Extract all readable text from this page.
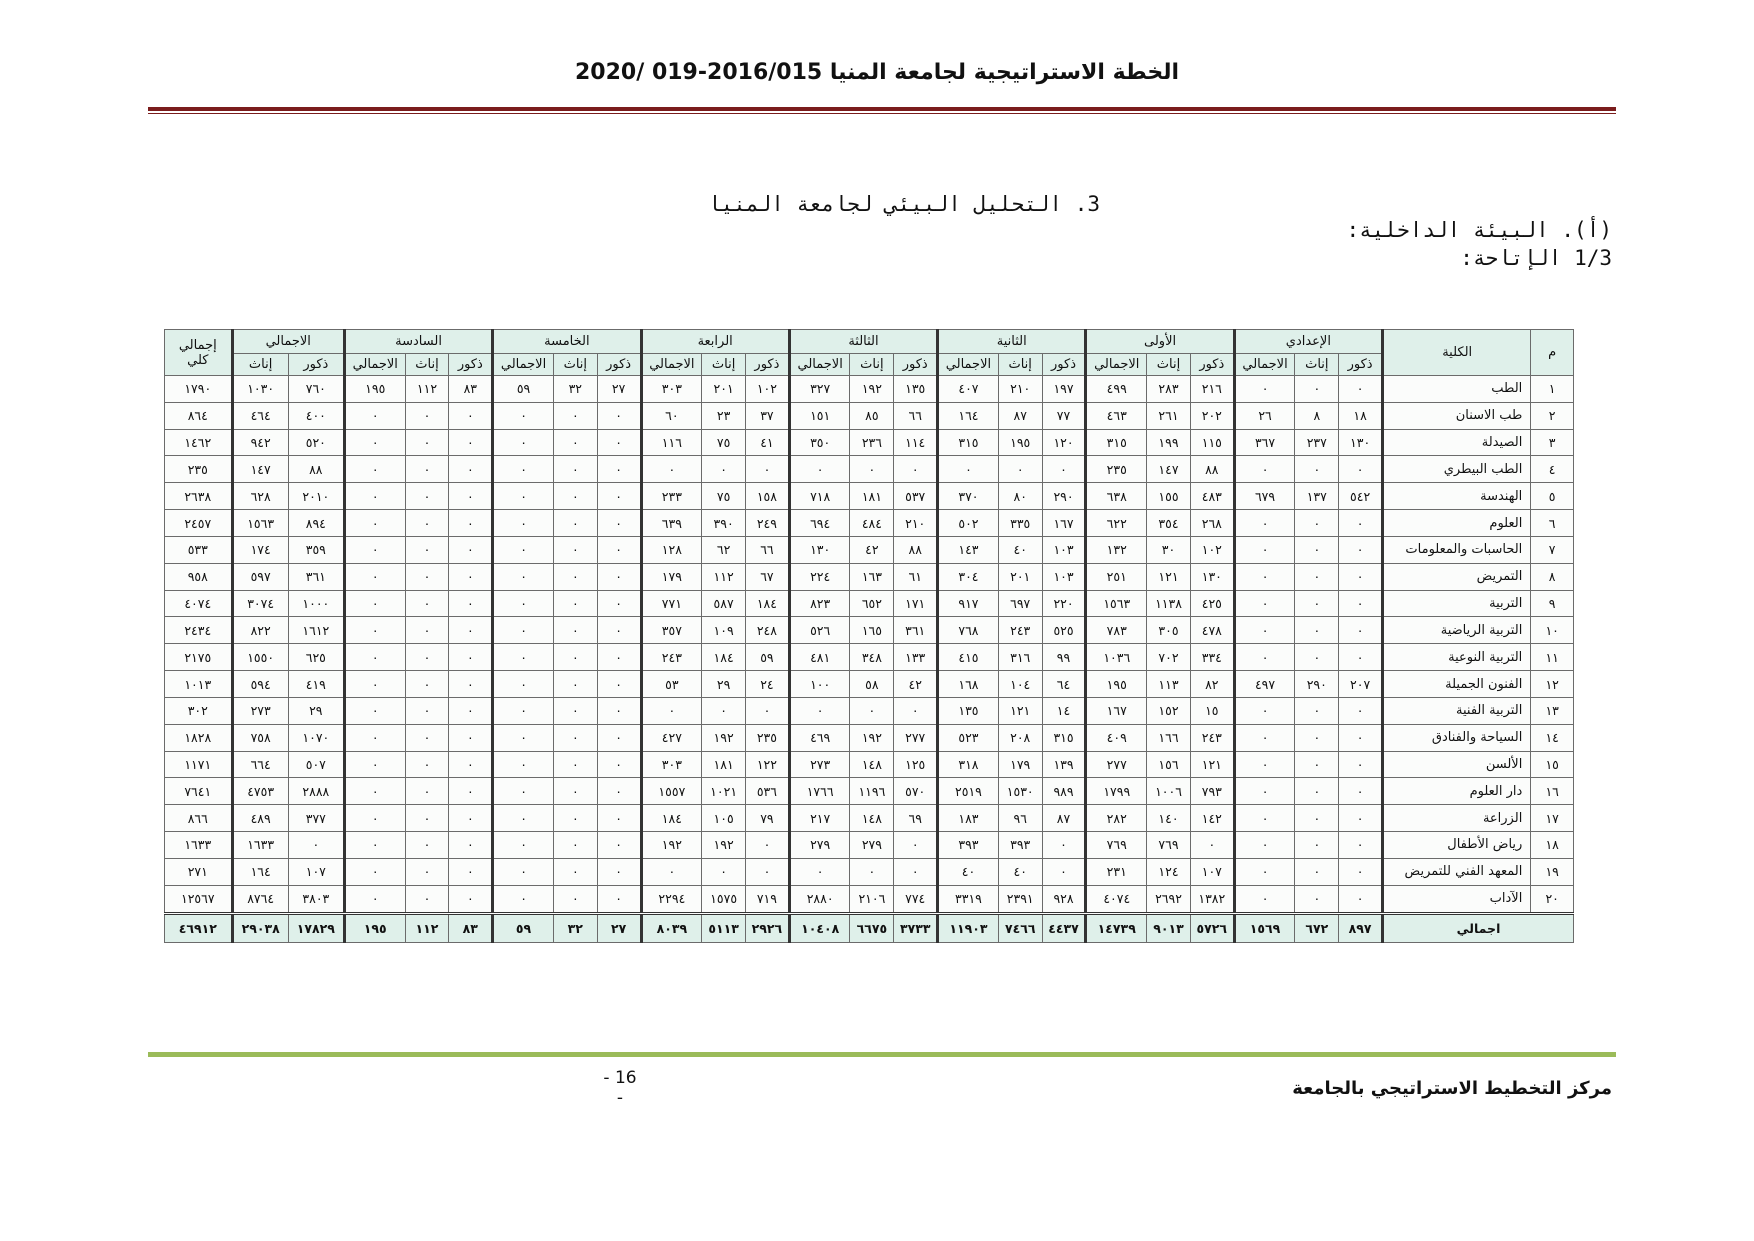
الخطة الاستراتيجية لجامعة المنيا 2016/015-019 /2020
3. التحليل البيئي لجامعة المنيا
(أ). البيئة الداخلية:
1/3 الإتاحة:
م	الكلية	الإعدادي			الأولى			الثانية			الثالثة			الرابعة			الخامسة			السادسة			الاجمالي		إجمالي كلي
		ذكور	إناث	الاجمالي	ذكور	إناث	الاجمالي	ذكور	إناث	الاجمالي	ذكور	إناث	الاجمالي	ذكور	إناث	الاجمالي	ذكور	إناث	الاجمالي	ذكور	إناث	الاجمالي	ذكور	إناث	
١	الطب	٠	٠	٠	٢١٦	٢٨٣	٤٩٩	١٩٧	٢١٠	٤٠٧	١٣٥	١٩٢	٣٢٧	١٠٢	٢٠١	٣٠٣	٢٧	٣٢	٥٩	٨٣	١١٢	١٩٥	٧٦٠	١٠٣٠	١٧٩٠
٢	طب الاسنان	١٨	٨	٢٦	٢٠٢	٢٦١	٤٦٣	٧٧	٨٧	١٦٤	٦٦	٨٥	١٥١	٣٧	٢٣	٦٠	٠	٠	٠	٠	٠	٠	٤٠٠	٤٦٤	٨٦٤
٣	الصيدلة	١٣٠	٢٣٧	٣٦٧	١١٥	١٩٩	٣١٥	١٢٠	١٩٥	٣١٥	١١٤	٢٣٦	٣٥٠	٤١	٧٥	١١٦	٠	٠	٠	٠	٠	٠	٥٢٠	٩٤٢	١٤٦٢
٤	الطب البيطري	٠	٠	٠	٨٨	١٤٧	٢٣٥	٠	٠	٠	٠	٠	٠	٠	٠	٠	٠	٠	٠	٠	٠	٠	٨٨	١٤٧	٢٣٥
٥	الهندسة	٥٤٢	١٣٧	٦٧٩	٤٨٣	١٥٥	٦٣٨	٢٩٠	٨٠	٣٧٠	٥٣٧	١٨١	٧١٨	١٥٨	٧٥	٢٣٣	٠	٠	٠	٠	٠	٠	٢٠١٠	٦٢٨	٢٦٣٨
٦	العلوم	٠	٠	٠	٢٦٨	٣٥٤	٦٢٢	١٦٧	٣٣٥	٥٠٢	٢١٠	٤٨٤	٦٩٤	٢٤٩	٣٩٠	٦٣٩	٠	٠	٠	٠	٠	٠	٨٩٤	١٥٦٣	٢٤٥٧
٧	الحاسبات والمعلومات	٠	٠	٠	١٠٢	٣٠	١٣٢	١٠٣	٤٠	١٤٣	٨٨	٤٢	١٣٠	٦٦	٦٢	١٢٨	٠	٠	٠	٠	٠	٠	٣٥٩	١٧٤	٥٣٣
٨	التمريض	٠	٠	٠	١٣٠	١٢١	٢٥١	١٠٣	٢٠١	٣٠٤	٦١	١٦٣	٢٢٤	٦٧	١١٢	١٧٩	٠	٠	٠	٠	٠	٠	٣٦١	٥٩٧	٩٥٨
٩	التربية	٠	٠	٠	٤٢٥	١١٣٨	١٥٦٣	٢٢٠	٦٩٧	٩١٧	١٧١	٦٥٢	٨٢٣	١٨٤	٥٨٧	٧٧١	٠	٠	٠	٠	٠	٠	١٠٠٠	٣٠٧٤	٤٠٧٤
١٠	التربية الرياضية	٠	٠	٠	٤٧٨	٣٠٥	٧٨٣	٥٢٥	٢٤٣	٧٦٨	٣٦١	١٦٥	٥٢٦	٢٤٨	١٠٩	٣٥٧	٠	٠	٠	٠	٠	٠	١٦١٢	٨٢٢	٢٤٣٤
١١	التربية النوعية	٠	٠	٠	٣٣٤	٧٠٢	١٠٣٦	٩٩	٣١٦	٤١٥	١٣٣	٣٤٨	٤٨١	٥٩	١٨٤	٢٤٣	٠	٠	٠	٠	٠	٠	٦٢٥	١٥٥٠	٢١٧٥
١٢	الفنون الجميلة	٢٠٧	٢٩٠	٤٩٧	٨٢	١١٣	١٩٥	٦٤	١٠٤	١٦٨	٤٢	٥٨	١٠٠	٢٤	٢٩	٥٣	٠	٠	٠	٠	٠	٠	٤١٩	٥٩٤	١٠١٣
١٣	التربية الفنية	٠	٠	٠	١٥	١٥٢	١٦٧	١٤	١٢١	١٣٥	٠	٠	٠	٠	٠	٠	٠	٠	٠	٠	٠	٠	٢٩	٢٧٣	٣٠٢
١٤	السياحة والفنادق	٠	٠	٠	٢٤٣	١٦٦	٤٠٩	٣١٥	٢٠٨	٥٢٣	٢٧٧	١٩٢	٤٦٩	٢٣٥	١٩٢	٤٢٧	٠	٠	٠	٠	٠	٠	١٠٧٠	٧٥٨	١٨٢٨
١٥	الألسن	٠	٠	٠	١٢١	١٥٦	٢٧٧	١٣٩	١٧٩	٣١٨	١٢٥	١٤٨	٢٧٣	١٢٢	١٨١	٣٠٣	٠	٠	٠	٠	٠	٠	٥٠٧	٦٦٤	١١٧١
١٦	دار العلوم	٠	٠	٠	٧٩٣	١٠٠٦	١٧٩٩	٩٨٩	١٥٣٠	٢٥١٩	٥٧٠	١١٩٦	١٧٦٦	٥٣٦	١٠٢١	١٥٥٧	٠	٠	٠	٠	٠	٠	٢٨٨٨	٤٧٥٣	٧٦٤١
١٧	الزراعة	٠	٠	٠	١٤٢	١٤٠	٢٨٢	٨٧	٩٦	١٨٣	٦٩	١٤٨	٢١٧	٧٩	١٠٥	١٨٤	٠	٠	٠	٠	٠	٠	٣٧٧	٤٨٩	٨٦٦
١٨	رياض الأطفال	٠	٠	٠	٠	٧٦٩	٧٦٩	٠	٣٩٣	٣٩٣	٠	٢٧٩	٢٧٩	٠	١٩٢	١٩٢	٠	٠	٠	٠	٠	٠	٠	١٦٣٣	١٦٣٣
١٩	المعهد الفني للتمريض	٠	٠	٠	١٠٧	١٢٤	٢٣١	٠	٤٠	٤٠	٠	٠	٠	٠	٠	٠	٠	٠	٠	٠	٠	٠	١٠٧	١٦٤	٢٧١
٢٠	الآداب	٠	٠	٠	١٣٨٢	٢٦٩٢	٤٠٧٤	٩٢٨	٢٣٩١	٣٣١٩	٧٧٤	٢١٠٦	٢٨٨٠	٧١٩	١٥٧٥	٢٢٩٤	٠	٠	٠	٠	٠	٠	٣٨٠٣	٨٧٦٤	١٢٥٦٧
اجمالي		٨٩٧	٦٧٢	١٥٦٩	٥٧٢٦	٩٠١٣	١٤٧٣٩	٤٤٣٧	٧٤٦٦	١١٩٠٣	٣٧٣٣	٦٦٧٥	١٠٤٠٨	٢٩٢٦	٥١١٣	٨٠٣٩	٢٧	٣٢	٥٩	٨٣	١١٢	١٩٥	١٧٨٢٩	٢٩٠٣٨	٤٦٩١٢
- 16 -	مركز التخطيط الاستراتيجي بالجامعة
